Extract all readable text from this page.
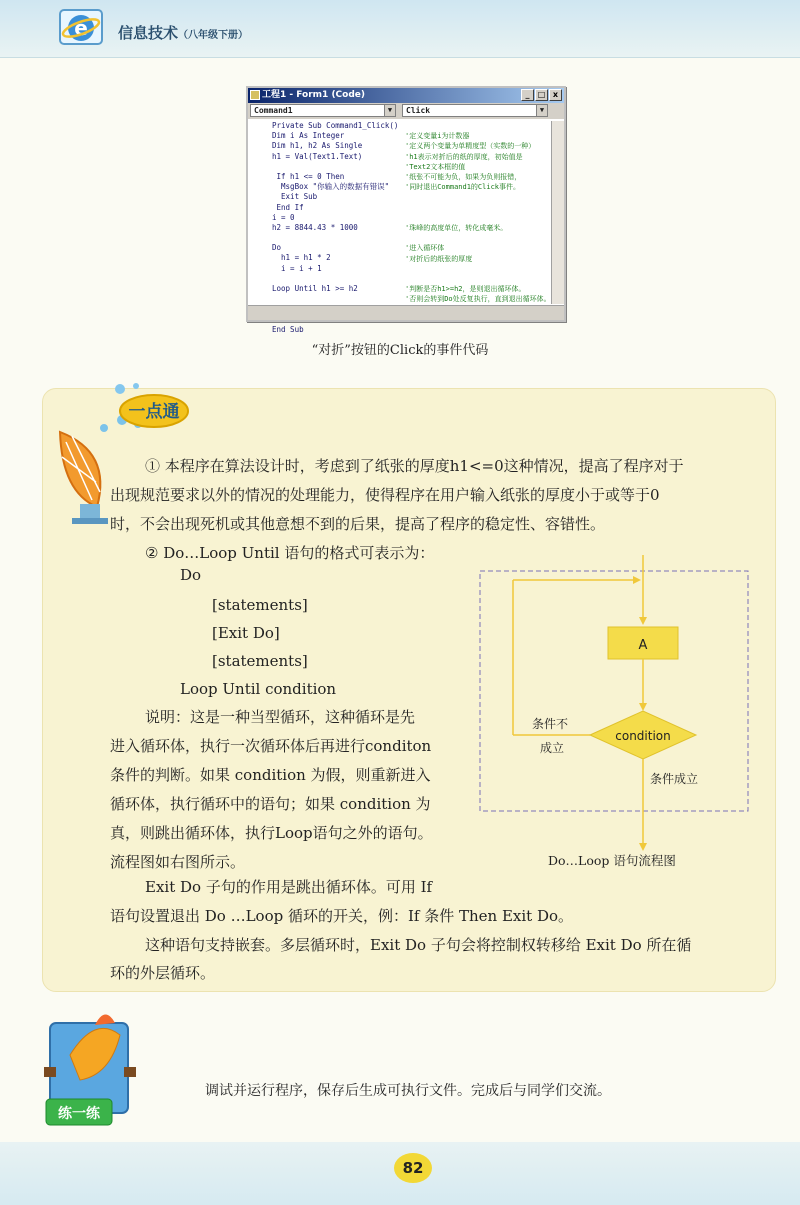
e 信息技术（八年级下册）
工程1 - Form1 (Code)	_	□ x
Command1	▼	Click	▼
Private Sub Command1_Click()
Dim i As Integer
Dim h1, h2 As Single
h1 = Val(Text1.Text)
If h1 <= 0 Then
MsgBox "你输入的数据有错误"
Exit Sub
End If
i = 0
h2 = 8844.43 * 1000
Do
h1 = h1 * 2
i = i + 1
Loop Until h1 >= h2
End Sub
'定义变量i为计数器
'定义两个变量为单精度型（实数的一种）
'h1表示对折后的纸的厚度，初始值是
'Text2文本框的值
'纸张不可能为负，如果为负则报错，
'同时退出Command1的Click事件。
'珠峰的高度单位，转化成毫米。
'进入循环体
'对折后的纸张的厚度
'判断是否h1>=h2，是则退出循环体。
'否则会转到Do处反复执行，直到退出循环体。
“对折”按钮的Click的事件代码
一点通
① 本程序在算法设计时，考虑到了纸张的厚度h1<=0这种情况，提高了程序对于
出现规范要求以外的情况的处理能力，使得程序在用户输入纸张的厚度小于或等于0
时，不会出现死机或其他意想不到的后果，提高了程序的稳定性、容错性。
② Do…Loop Until 语句的格式可表示为：
Do
[statements]
[Exit Do]
[statements]
Loop Until condition
说明：这是一种当型循环，这种循环是先
进入循环体，执行一次循环体后再进行conditon
条件的判断。如果 condition 为假，则重新进入
循环体，执行循环中的语句；如果 condition 为
真，则跳出循环体，执行Loop语句之外的语句。
流程图如右图所示。
Exit Do 子句的作用是跳出循环体。可用 If
语句设置退出 Do …Loop 循环的开关，例：If 条件 Then Exit Do。
这种语句支持嵌套。多层循环时，Exit Do 子句会将控制权转移给 Exit Do 所在循
环的外层循环。
A
condition
条件不
成立
条件成立
Do…Loop 语句流程图
练一练
调试并运行程序，保存后生成可执行文件。完成后与同学们交流。
82
